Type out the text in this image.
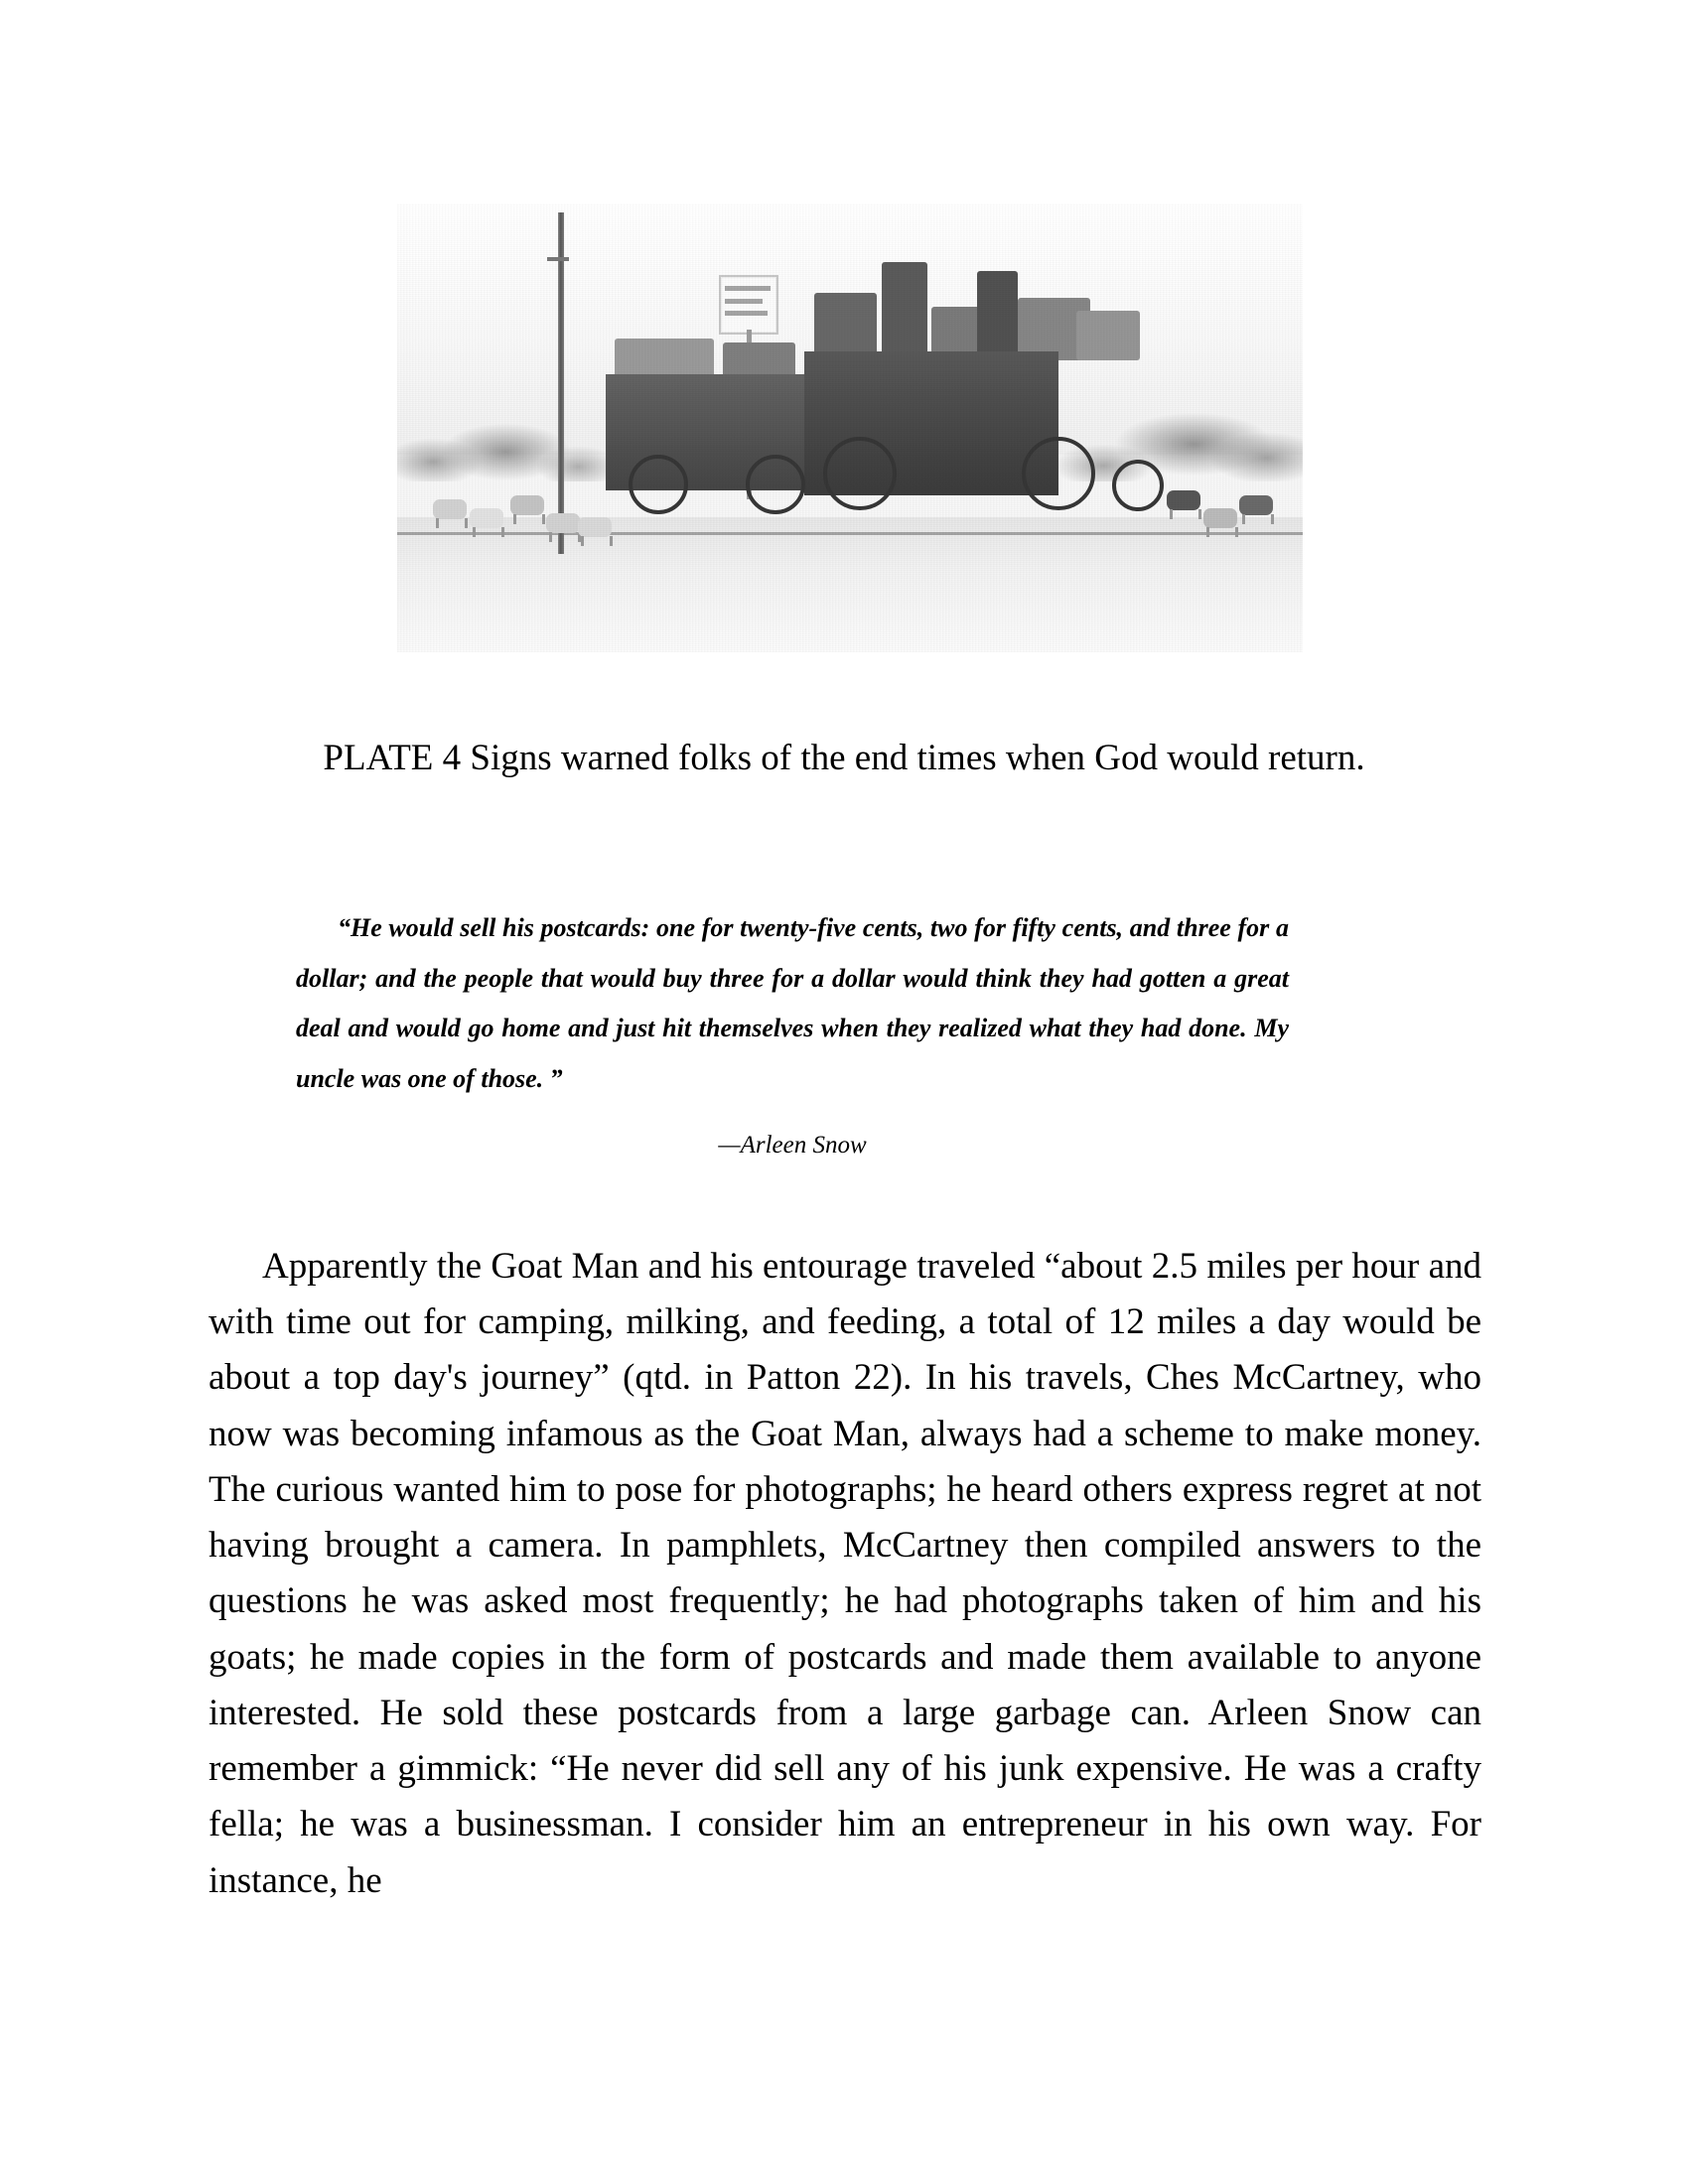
PLATE 4 Signs warned folks of the end times when God would return.
“He would sell his postcards: one for twenty-five cents, two for fifty cents, and three for a dollar; and the people that would buy three for a dollar would think they had gotten a great deal and would go home and just hit themselves when they realized what they had done. My uncle was one of those. ”
—Arleen Snow
Apparently the Goat Man and his entourage traveled “about 2.5 miles per hour and with time out for camping, milking, and feeding, a total of 12 miles a day would be about a top day's journey” (qtd. in Patton 22). In his travels, Ches McCartney, who now was becoming infamous as the Goat Man, always had a scheme to make money. The curious wanted him to pose for photographs; he heard others express regret at not having brought a camera. In pamphlets, McCartney then compiled answers to the questions he was asked most frequently; he had photographs taken of him and his goats; he made copies in the form of postcards and made them available to anyone interested. He sold these postcards from a large garbage can. Arleen Snow can remember a gimmick: “He never did sell any of his junk expensive. He was a crafty fella; he was a businessman. I consider him an entrepreneur in his own way. For instance, he
